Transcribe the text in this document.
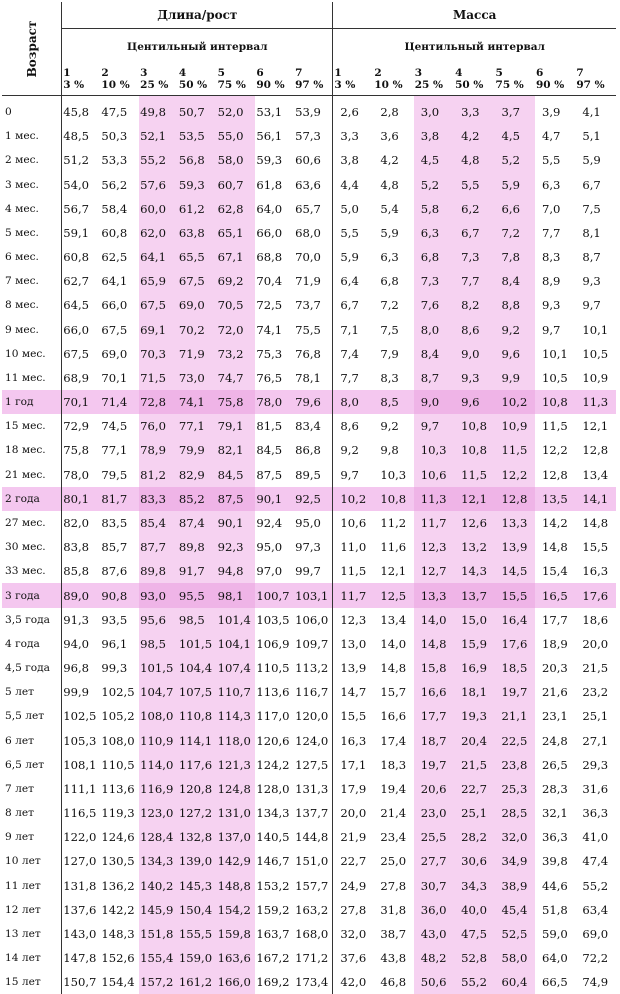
Возраст	Длина/рост							Масса						
	Центильный интервал							Центильный интервал						
	1	2	3	4	5	6	7	1	2	3	4	5	6	7
	3 %	10 %	25 %	50 %	75 %	90 %	97 %	3 %	10 %	25 %	50 %	75 %	90 %	97 %
0	45,8	47,5	49,8	50,7	52,0	53,1	53,9	2,6	2,8	3,0	3,3	3,7	3,9	4,1
1 мес.	48,5	50,3	52,1	53,5	55,0	56,1	57,3	3,3	3,6	3,8	4,2	4,5	4,7	5,1
2 мес.	51,2	53,3	55,2	56,8	58,0	59,3	60,6	3,8	4,2	4,5	4,8	5,2	5,5	5,9
3 мес.	54,0	56,2	57,6	59,3	60,7	61,8	63,6	4,4	4,8	5,2	5,5	5,9	6,3	6,7
4 мес.	56,7	58,4	60,0	61,2	62,8	64,0	65,7	5,0	5,4	5,8	6,2	6,6	7,0	7,5
5 мес.	59,1	60,8	62,0	63,8	65,1	66,0	68,0	5,5	5,9	6,3	6,7	7,2	7,7	8,1
6 мес.	60,8	62,5	64,1	65,5	67,1	68,8	70,0	5,9	6,3	6,8	7,3	7,8	8,3	8,7
7 мес.	62,7	64,1	65,9	67,5	69,2	70,4	71,9	6,4	6,8	7,3	7,7	8,4	8,9	9,3
8 мес.	64,5	66,0	67,5	69,0	70,5	72,5	73,7	6,7	7,2	7,6	8,2	8,8	9,3	9,7
9 мес.	66,0	67,5	69,1	70,2	72,0	74,1	75,5	7,1	7,5	8,0	8,6	9,2	9,7	10,1
10 мес.	67,5	69,0	70,3	71,9	73,2	75,3	76,8	7,4	7,9	8,4	9,0	9,6	10,1	10,5
11 мес.	68,9	70,1	71,5	73,0	74,7	76,5	78,1	7,7	8,3	8,7	9,3	9,9	10,5	10,9
1 год	70,1	71,4	72,8	74,1	75,8	78,0	79,6	8,0	8,5	9,0	9,6	10,2	10,8	11,3
15 мес.	72,9	74,5	76,0	77,1	79,1	81,5	83,4	8,6	9,2	9,7	10,8	10,9	11,5	12,1
18 мес.	75,8	77,1	78,9	79,9	82,1	84,5	86,8	9,2	9,8	10,3	10,8	11,5	12,2	12,8
21 мес.	78,0	79,5	81,2	82,9	84,5	87,5	89,5	9,7	10,3	10,6	11,5	12,2	12,8	13,4
2 года	80,1	81,7	83,3	85,2	87,5	90,1	92,5	10,2	10,8	11,3	12,1	12,8	13,5	14,1
27 мес.	82,0	83,5	85,4	87,4	90,1	92,4	95,0	10,6	11,2	11,7	12,6	13,3	14,2	14,8
30 мес.	83,8	85,7	87,7	89,8	92,3	95,0	97,3	11,0	11,6	12,3	13,2	13,9	14,8	15,5
33 мес.	85,8	87,6	89,8	91,7	94,8	97,0	99,7	11,5	12,1	12,7	14,3	14,5	15,4	16,3
3 года	89,0	90,8	93,0	95,5	98,1	100,7	103,1	11,7	12,5	13,3	13,7	15,5	16,5	17,6
3,5 года	91,3	93,5	95,6	98,5	101,4	103,5	106,0	12,3	13,4	14,0	15,0	16,4	17,7	18,6
4 года	94,0	96,1	98,5	101,5	104,1	106,9	109,7	13,0	14,0	14,8	15,9	17,6	18,9	20,0
4,5 года	96,8	99,3	101,5	104,4	107,4	110,5	113,2	13,9	14,8	15,8	16,9	18,5	20,3	21,5
5 лет	99,9	102,5	104,7	107,5	110,7	113,6	116,7	14,7	15,7	16,6	18,1	19,7	21,6	23,2
5,5 лет	102,5	105,2	108,0	110,8	114,3	117,0	120,0	15,5	16,6	17,7	19,3	21,1	23,1	25,1
6 лет	105,3	108,0	110,9	114,1	118,0	120,6	124,0	16,3	17,4	18,7	20,4	22,5	24,8	27,1
6,5 лет	108,1	110,5	114,0	117,6	121,3	124,2	127,5	17,1	18,3	19,7	21,5	23,8	26,5	29,3
7 лет	111,1	113,6	116,9	120,8	124,8	128,0	131,3	17,9	19,4	20,6	22,7	25,3	28,3	31,6
8 лет	116,5	119,3	123,0	127,2	131,0	134,3	137,7	20,0	21,4	23,0	25,1	28,5	32,1	36,3
9 лет	122,0	124,6	128,4	132,8	137,0	140,5	144,8	21,9	23,4	25,5	28,2	32,0	36,3	41,0
10 лет	127,0	130,5	134,3	139,0	142,9	146,7	151,0	22,7	25,0	27,7	30,6	34,9	39,8	47,4
11 лет	131,8	136,2	140,2	145,3	148,8	153,2	157,7	24,9	27,8	30,7	34,3	38,9	44,6	55,2
12 лет	137,6	142,2	145,9	150,4	154,2	159,2	163,2	27,8	31,8	36,0	40,0	45,4	51,8	63,4
13 лет	143,0	148,3	151,8	155,5	159,8	163,7	168,0	32,0	38,7	43,0	47,5	52,5	59,0	69,0
14 лет	147,8	152,6	155,4	159,0	163,6	167,2	171,2	37,6	43,8	48,2	52,8	58,0	64,0	72,2
15 лет	150,7	154,4	157,2	161,2	166,0	169,2	173,4	42,0	46,8	50,6	55,2	60,4	66,5	74,9
